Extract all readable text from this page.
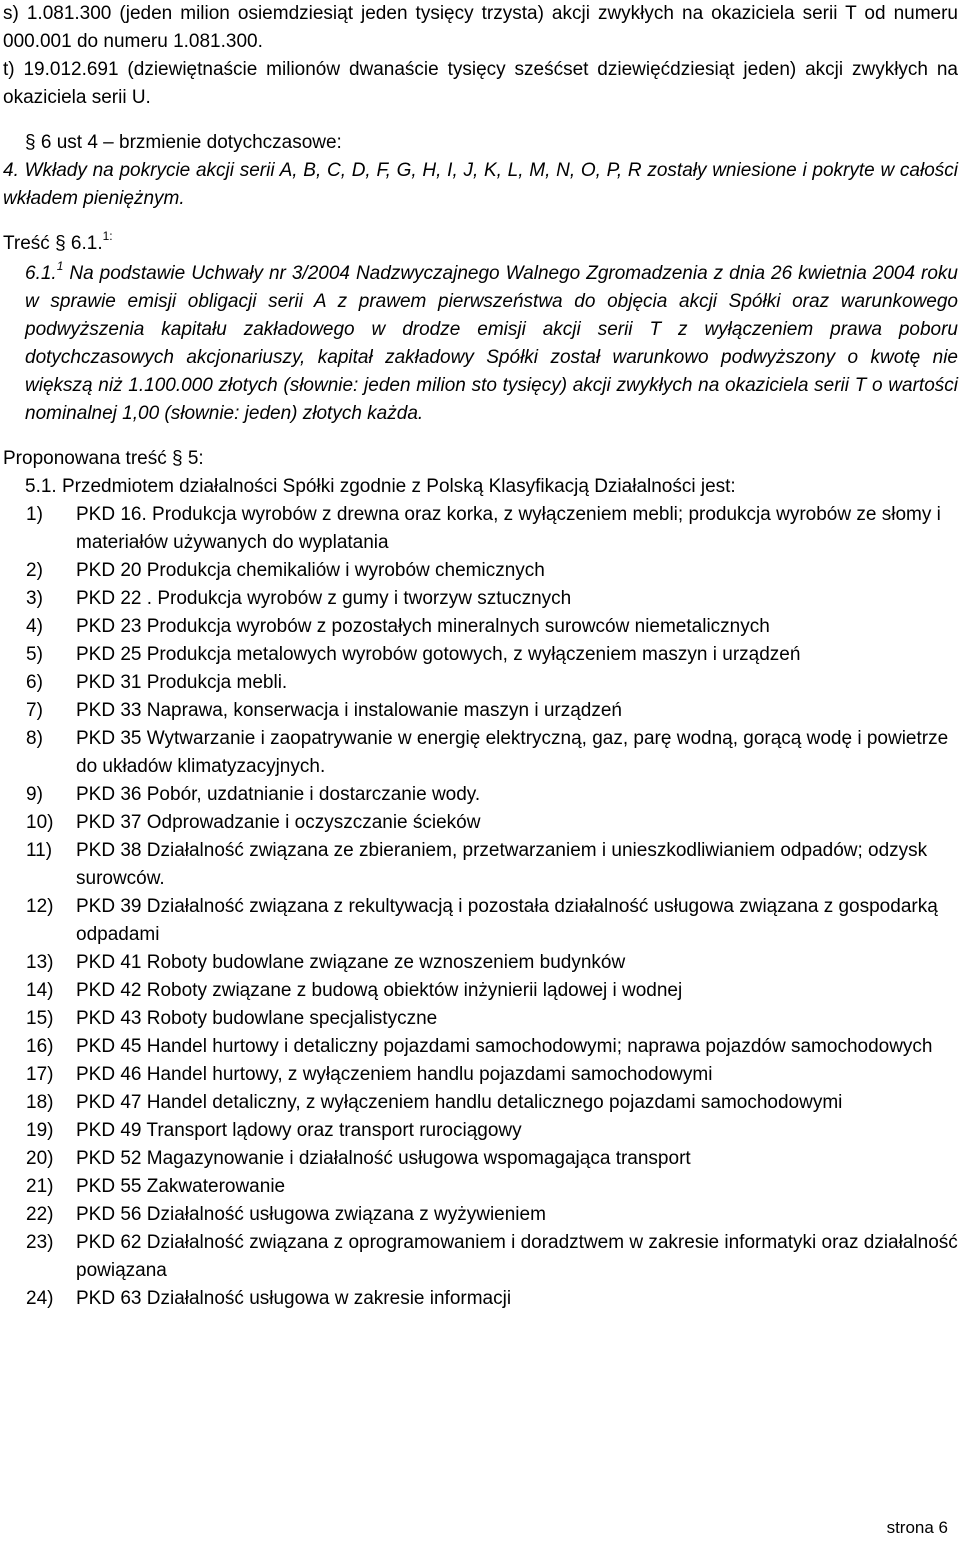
s) 1.081.300 (jeden milion osiemdziesiąt jeden tysięcy trzysta) akcji zwykłych na okaziciela serii T od numeru 000.001 do numeru 1.081.300.

t) 19.012.691 (dziewiętnaście milionów dwanaście tysięcy sześćset dziewięćdziesiąt jeden) akcji zwykłych na okaziciela serii U.

§ 6 ust 4 – brzmienie dotychczasowe:

4. Wkłady na pokrycie akcji serii A, B, C, D, F, G, H, I, J, K, L, M, N, O, P, R zostały wniesione i pokryte w całości wkładem pieniężnym.

Treść § 6.1.$^{1:}$

6.1.$^1$ Na podstawie Uchwały nr 3/2004 Nadzwyczajnego Walnego Zgromadzenia z dnia 26 kwietnia 2004 roku w sprawie emisji obligacji serii A z prawem pierwszeństwa do objęcia akcji Spółki oraz warunkowego podwyższenia kapitału zakładowego w drodze emisji akcji serii T z wyłączeniem prawa poboru dotychczasowych akcjonariuszy, kapitał zakładowy Spółki został warunkowo podwyższony o kwotę nie większą niż 1.100.000 złotych (słownie: jeden milion sto tysięcy) akcji zwykłych na okaziciela serii T o wartości nominalnej 1,00 (słownie: jeden) złotych każda.

Proponowana treść § 5:

5.1. Przedmiotem działalności Spółki zgodnie z Polską Klasyfikacją Działalności jest:

1) PKD 16. Produkcja wyrobów z drewna oraz korka, z wyłączeniem mebli; produkcja wyrobów ze słomy i materiałów używanych do wyplatania
2) PKD 20 Produkcja chemikaliów i wyrobów chemicznych
3) PKD 22 . Produkcja wyrobów z gumy i tworzyw sztucznych
4) PKD 23 Produkcja wyrobów z pozostałych mineralnych surowców niemetalicznych
5) PKD 25 Produkcja metalowych wyrobów gotowych, z wyłączeniem maszyn i urządzeń
6) PKD 31 Produkcja mebli.
7) PKD 33 Naprawa, konserwacja i instalowanie maszyn i urządzeń
8) PKD 35 Wytwarzanie i zaopatrywanie w energię elektryczną, gaz, parę wodną, gorącą wodę i powietrze do układów klimatyzacyjnych.
9) PKD 36 Pobór, uzdatnianie i dostarczanie wody.
10) PKD 37 Odprowadzanie i oczyszczanie ścieków
11) PKD 38 Działalność związana ze zbieraniem, przetwarzaniem i unieszkodliwianiem odpadów; odzysk surowców.
12) PKD 39 Działalność związana z rekultywacją i pozostała działalność usługowa związana z gospodarką odpadami
13) PKD 41 Roboty budowlane związane ze wznoszeniem budynków
14) PKD 42 Roboty związane z budową obiektów inżynierii lądowej i wodnej
15) PKD 43 Roboty budowlane specjalistyczne
16) PKD 45 Handel hurtowy i detaliczny pojazdami samochodowymi; naprawa pojazdów samochodowych
17) PKD 46 Handel hurtowy, z wyłączeniem handlu pojazdami samochodowymi
18) PKD 47 Handel detaliczny, z wyłączeniem handlu detalicznego pojazdami samochodowymi
19) PKD 49 Transport lądowy oraz transport rurociągowy
20) PKD 52 Magazynowanie i działalność usługowa wspomagająca transport
21) PKD 55 Zakwaterowanie
22) PKD 56 Działalność usługowa związana z wyżywieniem
23) PKD 62 Działalność związana z oprogramowaniem i doradztwem w zakresie informatyki oraz działalność powiązana
24) PKD 63 Działalność usługowa w zakresie informacji
strona 6
